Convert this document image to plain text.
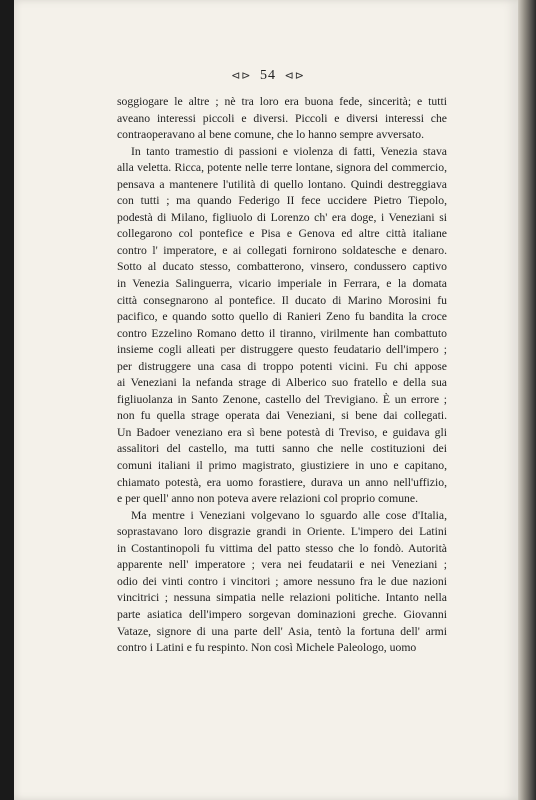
⊲⊳ 54 ⊲⊳

soggiogare le altre ; nè tra loro era buona fede, sincerità; e tutti
aveano interessi piccoli e diversi. Piccoli e diversi interessi che
contraoperavano al bene comune, che lo hanno sempre avversato.

In tanto tramestio di passioni e violenza di fatti, Venezia stava
alla veletta. Ricca, potente nelle terre lontane, signora del commercio,
pensava a mantenere l'utilità di quello lontano. Quindi destreggiava
con tutti ; ma quando Federigo II fece uccidere Pietro Tiepolo,
podestà di Milano, figliuolo di Lorenzo ch' era doge, i Veneziani si
collegarono col pontefice e Pisa e Genova ed altre città italiane
contro l' imperatore, e ai collegati fornirono soldatesche e denaro.
Sotto al ducato stesso, combatterono, vinsero, condussero captivo
in Venezia Salinguerra, vicario imperiale in Ferrara, e la domata
città consegnarono al pontefice. Il ducato di Marino Morosini fu
pacifico, e quando sotto quello di Ranieri Zeno fu bandita la croce
contro Ezzelino Romano detto il tiranno, virilmente han combattuto
insieme cogli alleati per distruggere questo feudatario dell'impero ;
per distruggere una casa di troppo potenti vicini. Fu chi appose
ai Veneziani la nefanda strage di Alberico suo fratello e della sua
figliuolanza in Santo Zenone, castello del Trevigiano. È un errore ;
non fu quella strage operata dai Veneziani, si bene dai collegati.
Un Badoer veneziano era sì bene potestà di Treviso, e guidava gli
assalitori del castello, ma tutti sanno che nelle costituzioni dei
comuni italiani il primo magistrato, giustiziere in uno e capitano,
chiamato potestà, era uomo forastiere, durava un anno nell'uffizio,
e per quell' anno non poteva avere relazioni col proprio comune.

Ma mentre i Veneziani volgevano lo sguardo alle cose d'Italia,
soprastavano loro disgrazie grandi in Oriente. L'impero dei Latini
in Costantinopoli fu vittima del patto stesso che lo fondò. Autorità
apparente nell' imperatore ; vera nei feudatarii e nei Veneziani ;
odio dei vinti contro i vincitori ; amore nessuno fra le due nazioni
vincitrici ; nessuna simpatia nelle relazioni politiche. Intanto nella
parte asiatica dell'impero sorgevan dominazioni greche. Giovanni
Vataze, signore di una parte dell' Asia, tentò la fortuna dell' armi
contro i Latini e fu respinto. Non così Michele Paleologo, uomo
